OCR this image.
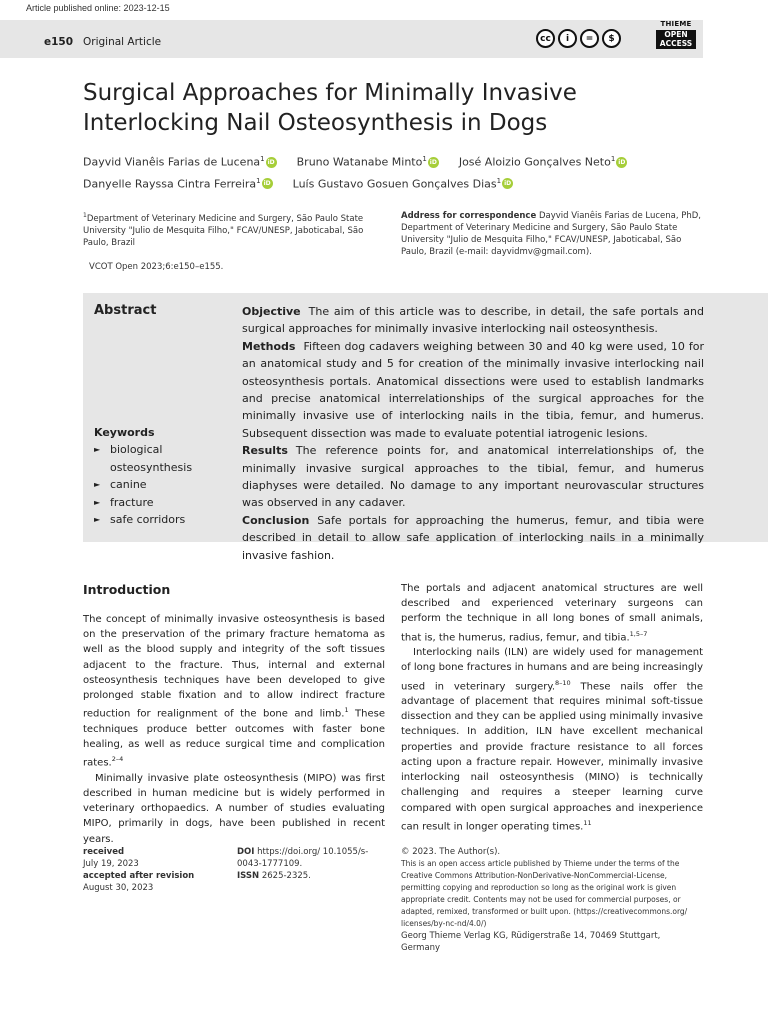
Article published online: 2023-12-15
e150 Original Article	cc	i	=	$
THIEME
OPEN
ACCESS
Surgical Approaches for Minimally Invasive Interlocking Nail Osteosynthesis in Dogs
Dayvid Vianêis Farias de Lucena$^1$ iD Bruno Watanabe Minto$^1$ iD José Aloizio Gonçalves Neto$^1$ iD
Danyelle Rayssa Cintra Ferreira$^1$ iD Luís Gustavo Gosuen Gonçalves Dias$^1$ iD
$^1$Department of Veterinary Medicine and Surgery, São Paulo State University "Julio de Mesquita Filho," FCAV/UNESP, Jaboticabal, São Paulo, Brazil
Address for correspondence Dayvid Vianêis Farias de Lucena, PhD, Department of Veterinary Medicine and Surgery, São Paulo State University "Julio de Mesquita Filho," FCAV/UNESP, Jaboticabal, São Paulo, Brazil (e-mail: dayvidmv@gmail.com).
VCOT Open 2023;6:e150–e155.
Abstract	Objective The aim of this article was to describe, in detail, the safe portals and surgical approaches for minimally invasive interlocking nail osteosynthesis.
Methods Fifteen dog cadavers weighing between 30 and 40 kg were used, 10 for an anatomical study and 5 for creation of the minimally invasive interlocking nail osteosynthesis portals. Anatomical dissections were used to establish landmarks and precise anatomical interrelationships of the surgical approaches for the minimally invasive use of interlocking nails in the tibia, femur, and humerus. Subsequent dissection was made to evaluate potential iatrogenic lesions.
Results The reference points for, and anatomical interrelationships of, the minimally invasive surgical approaches to the tibial, femur, and humerus diaphyses were detailed. No damage to any important neurovascular structures was observed in any cadaver.
Conclusion Safe portals for approaching the humerus, femur, and tibia were described in detail to allow safe application of interlocking nails in a minimally invasive fashion.
Keywords
► biological osteosynthesis
► canine
► fracture
► safe corridors
Introduction

The concept of minimally invasive osteosynthesis is based on the preservation of the primary fracture hematoma as well as the blood supply and integrity of the soft tissues adjacent to the fracture. Thus, internal and external osteosynthesis techniques have been developed to give prolonged stable fixation and to allow indirect fracture reduction for realignment of the bone and limb.$^1$ These techniques produce better outcomes with faster bone healing, as well as reduce surgical time and complication rates.$^{2-4}$

Minimally invasive plate osteosynthesis (MIPO) was first described in human medicine but is widely performed in veterinary orthopaedics. A number of studies evaluating MIPO, primarily in dogs, have been published in recent years.

The portals and adjacent anatomical structures are well described and experienced veterinary surgeons can perform the technique in all long bones of small animals, that is, the humerus, radius, femur, and tibia.$^{1,5-7}$

Interlocking nails (ILN) are widely used for management of long bone fractures in humans and are being increasingly used in veterinary surgery.$^{8-10}$ These nails offer the advantage of placement that requires minimal soft-tissue dissection and they can be applied using minimally invasive techniques. In addition, ILN have excellent mechanical properties and provide fracture resistance to all forces acting upon a fracture repair. However, minimally invasive interlocking nail osteosynthesis (MINO) is technically challenging and requires a steeper learning curve compared with open surgical approaches and inexperience can result in longer operating times.$^{11}$

received
July 19, 2023
accepted after revision
August 30, 2023
DOI https://doi.org/ 10.1055/s-0043-1777109.
ISSN 2625-2325.
© 2023. The Author(s).
This is an open access article published by Thieme under the terms of the Creative Commons Attribution-NonDerivative-NonCommercial-License, permitting copying and reproduction so long as the original work is given appropriate credit. Contents may not be used for commercial purposes, or adapted, remixed, transformed or built upon. (https://creativecommons.org/ licenses/by-nc-nd/4.0/)
Georg Thieme Verlag KG, Rüdigerstraße 14, 70469 Stuttgart, Germany
